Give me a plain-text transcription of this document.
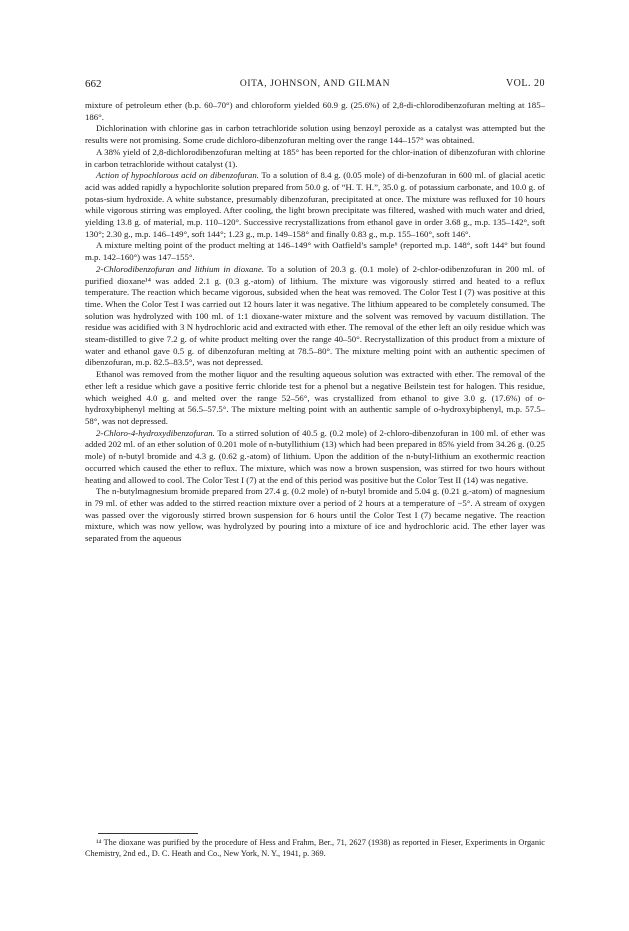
662	OITA, JOHNSON, AND GILMAN	VOL. 20

mixture of petroleum ether (b.p. 60–70°) and chloroform yielded 60.9 g. (25.6%) of 2,8-di-chlorodibenzofuran melting at 185–186°.

Dichlorination with chlorine gas in carbon tetrachloride solution using benzoyl peroxide as a catalyst was attempted but the results were not promising. Some crude dichloro-dibenzofuran melting over the range 144–157° was obtained.

A 38% yield of 2,8-dichlorodibenzofuran melting at 185° has been reported for the chlor-ination of dibenzofuran with chlorine in carbon tetrachloride without catalyst (1).

Action of hypochlorous acid on dibenzofuran. To a solution of 8.4 g. (0.05 mole) of di-benzofuran in 600 ml. of glacial acetic acid was added rapidly a hypochlorite solution prepared from 50.0 g. of “H. T. H.”, 35.0 g. of potassium carbonate, and 10.0 g. of potas-sium hydroxide. A white substance, presumably dibenzofuran, precipitated at once. The mixture was refluxed for 10 hours while vigorous stirring was employed. After cooling, the light brown precipitate was filtered, washed with much water and dried, yielding 13.8 g. of material, m.p. 110–120°. Successive recrystallizations from ethanol gave in order 3.68 g., m.p. 135–142°, soft 130°; 2.30 g., m.p. 146–149°, soft 144°; 1.23 g., m.p. 149–158° and finally 0.83 g., m.p. 155–160°, soft 146°.

A mixture melting point of the product melting at 146–149° with Oatfield’s sample⁶ (reported m.p. 148°, soft 144° but found m.p. 142–160°) was 147–155°.

2-Chlorodibenzofuran and lithium in dioxane. To a solution of 20.3 g. (0.1 mole) of 2-chlor-odibenzofuran in 200 ml. of purified dioxane¹⁴ was added 2.1 g. (0.3 g.-atom) of lithium. The mixture was vigorously stirred and heated to a reflux temperature. The reaction which became vigorous, subsided when the heat was removed. The Color Test I (7) was positive at this time. When the Color Test I was carried out 12 hours later it was negative. The lithium appeared to be completely consumed. The solution was hydrolyzed with 100 ml. of 1:1 dioxane-water mixture and the solvent was removed by vacuum distillation. The residue was acidified with 3 N hydrochloric acid and extracted with ether. The removal of the ether left an oily residue which was steam-distilled to give 7.2 g. of white product melting over the range 40–50°. Recrystallization of this product from a mixture of water and ethanol gave 0.5 g. of dibenzofuran melting at 78.5–80°. The mixture melting point with an authentic specimen of dibenzofuran, m.p. 82.5–83.5°, was not depressed.

Ethanol was removed from the mother liquor and the resulting aqueous solution was extracted with ether. The removal of the ether left a residue which gave a positive ferric chloride test for a phenol but a negative Beilstein test for halogen. This residue, which weighed 4.0 g. and melted over the range 52–56°, was crystallized from ethanol to give 3.0 g. (17.6%) of o-hydroxybiphenyl melting at 56.5–57.5°. The mixture melting point with an authentic sample of o-hydroxybiphenyl, m.p. 57.5–58°, was not depressed.

2-Chloro-4-hydroxydibenzofuran. To a stirred solution of 40.5 g. (0.2 mole) of 2-chloro-dibenzofuran in 100 ml. of ether was added 202 ml. of an ether solution of 0.201 mole of n-butyllithium (13) which had been prepared in 85% yield from 34.26 g. (0.25 mole) of n-butyl bromide and 4.3 g. (0.62 g.-atom) of lithium. Upon the addition of the n-butyl-lithium an exothermic reaction occurred which caused the ether to reflux. The mixture, which was now a brown suspension, was stirred for two hours without heating and allowed to cool. The Color Test I (7) at the end of this period was positive but the Color Test II (14) was negative.

The n-butylmagnesium bromide prepared from 27.4 g. (0.2 mole) of n-butyl bromide and 5.04 g. (0.21 g.-atom) of magnesium in 79 ml. of ether was added to the stirred reaction mixture over a period of 2 hours at a temperature of −5°. A stream of oxygen was passed over the vigorously stirred brown suspension for 6 hours until the Color Test I (7) became negative. The reaction mixture, which was now yellow, was hydrolyzed by pouring into a mixture of ice and hydrochloric acid. The ether layer was separated from the aqueous

¹⁴ The dioxane was purified by the procedure of Hess and Frahm, Ber., 71, 2627 (1938) as reported in Fieser, Experiments in Organic Chemistry, 2nd ed., D. C. Heath and Co., New York, N. Y., 1941, p. 369.
